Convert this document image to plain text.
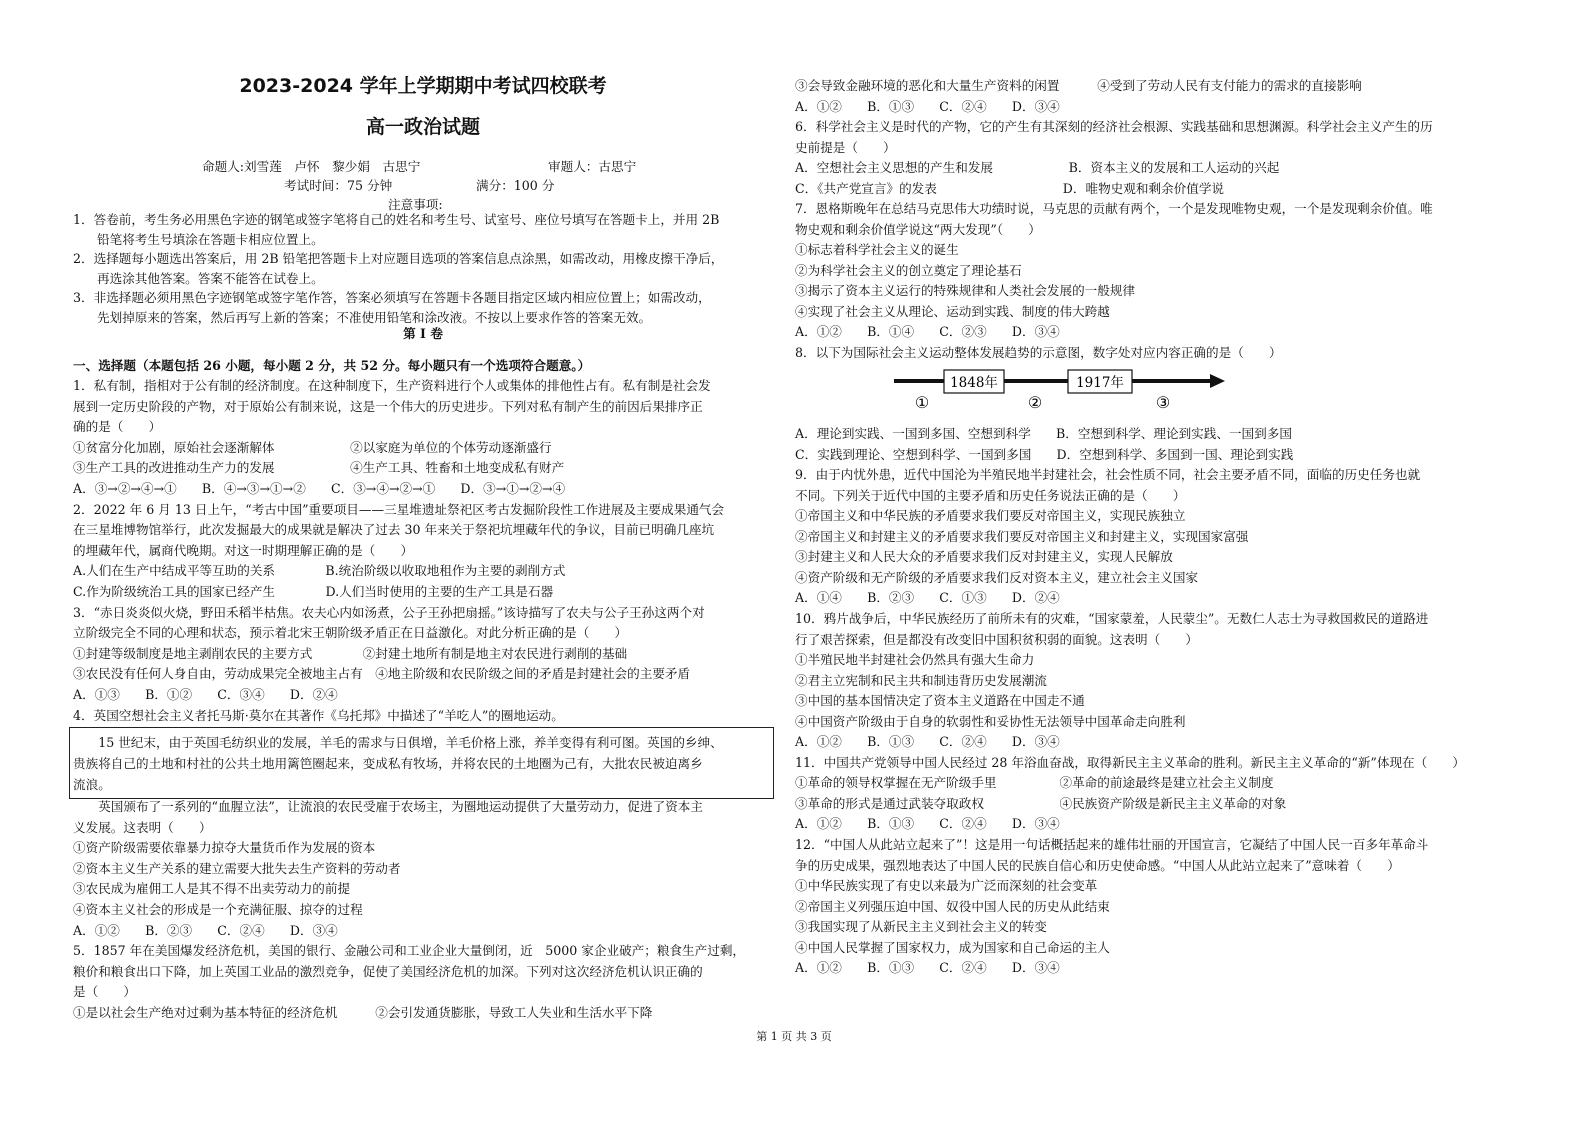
2023-2024 学年上学期期中考试四校联考
高一政治试题
命题人:刘雪莲　卢怀　黎少娟　古思宁	审题人：古思宁
考试时间：75 分钟	满分：100 分
注意事项:
1．答卷前，考生务必用黑色字迹的钢笔或签字笔将自己的姓名和考生号、试室号、座位号填写在答题卡上，并用 2B
铅笔将考生号填涂在答题卡相应位置上。
2．选择题每小题选出答案后，用 2B 铅笔把答题卡上对应题目选项的答案信息点涂黑，如需改动，用橡皮擦干净后，
再选涂其他答案。答案不能答在试卷上。
3．非选择题必须用黑色字迹钢笔或签字笔作答，答案必须填写在答题卡各题目指定区域内相应位置上；如需改动，
先划掉原来的答案，然后再写上新的答案；不准使用铅笔和涂改液。不按以上要求作答的答案无效。
第 I 卷
一、选择题（本题包括 26 小题，每小题 2 分，共 52 分。每小题只有一个选项符合题意。）
1．私有制，指相对于公有制的经济制度。在这种制度下，生产资料进行个人或集体的排他性占有。私有制是社会发
展到一定历史阶段的产物，对于原始公有制来说，这是一个伟大的历史进步。下列对私有制产生的前因后果排序正
确的是（　　）
①贫富分化加剧，原始社会逐渐解体　　　　　　②以家庭为单位的个体劳动逐渐盛行
③生产工具的改进推动生产力的发展　　　　　　④生产工具、牲畜和土地变成私有财产
A．③→②→④→①　　B．④→③→①→②　　C．③→④→②→①　　D．③→①→②→④
2．2022 年 6 月 13 日上午，“考古中国”重要项目——三星堆遗址祭祀区考古发掘阶段性工作进展及主要成果通气会
在三星堆博物馆举行，此次发掘最大的成果就是解决了过去 30 年来关于祭祀坑埋藏年代的争议，目前已明确几座坑
的埋藏年代，属商代晚期。对这一时期理解正确的是（　　）
A.人们在生产中结成平等互助的关系　　　　B.统治阶级以收取地租作为主要的剥削方式
C.作为阶级统治工具的国家已经产生　　　　D.人们当时使用的主要的生产工具是石器
3．“赤日炎炎似火烧，野田禾稻半枯焦。农夫心内如汤煮，公子王孙把扇摇。”该诗描写了农夫与公子王孙这两个对
立阶级完全不同的心理和状态，预示着北宋王朝阶级矛盾正在日益激化。对此分析正确的是（　　）
①封建等级制度是地主剥削农民的主要方式　　　　②封建土地所有制是地主对农民进行剥削的基础
③农民没有任何人身自由，劳动成果完全被地主占有　④地主阶级和农民阶级之间的矛盾是封建社会的主要矛盾
A．①③　　B．①②　　C．③④　　D．②④
4．英国空想社会主义者托马斯·莫尔在其著作《乌托邦》中描述了“羊吃人”的圈地运动。
　　15 世纪末，由于英国毛纺织业的发展，羊毛的需求与日俱增，羊毛价格上涨，养羊变得有利可图。英国的乡绅、
贵族将自己的土地和村社的公共土地用篱笆圈起来，变成私有牧场，并将农民的土地圈为己有，大批农民被迫离乡
流浪。
　　英国颁布了一系列的“血腥立法”，让流浪的农民受雇于农场主，为圈地运动提供了大量劳动力，促进了资本主
义发展。这表明（　　）
①资产阶级需要依靠暴力掠夺大量货币作为发展的资本
②资本主义生产关系的建立需要大批失去生产资料的劳动者
③农民成为雇佣工人是其不得不出卖劳动力的前提
④资本主义社会的形成是一个充满征服、掠夺的过程
A．①②　　B．②③　　C．②④　　D．③④
5．1857 年在美国爆发经济危机，美国的银行、金融公司和工业企业大量倒闭，近　5000 家企业破产；粮食生产过剩，
粮价和粮食出口下降，加上英国工业品的激烈竞争，促使了美国经济危机的加深。下列对这次经济危机认识正确的
是（　　）
①是以社会生产绝对过剩为基本特征的经济危机　　　②会引发通货膨胀，导致工人失业和生活水平下降
③会导致金融环境的恶化和大量生产资料的闲置　　　④受到了劳动人民有支付能力的需求的直接影响
A．①②　　B．①③　　C．②④　　D．③④
6．科学社会主义是时代的产物，它的产生有其深刻的经济社会根源、实践基础和思想渊源。科学社会主义产生的历
史前提是（　　）
A．空想社会主义思想的产生和发展　　　　　　B．资本主义的发展和工人运动的兴起
C．《共产党宣言》的发表　　　　　　　　　　D．唯物史观和剩余价值学说
7．恩格斯晚年在总结马克思伟大功绩时说，马克思的贡献有两个，一个是发现唯物史观，一个是发现剩余价值。唯
物史观和剩余价值学说这“两大发现”（　　）
①标志着科学社会主义的诞生
②为科学社会主义的创立奠定了理论基石
③揭示了资本主义运行的特殊规律和人类社会发展的一般规律
④实现了社会主义从理论、运动到实践、制度的伟大跨越
A．①②　　B．①④　　C．②③　　D．③④
8．以下为国际社会主义运动整体发展趋势的示意图，数字处对应内容正确的是（　　）
1848年	1917年
①	②	③
A．理论到实践、一国到多国、空想到科学　　B．空想到科学、理论到实践、一国到多国
C．实践到理论、空想到科学、一国到多国　　D．空想到科学、多国到一国、理论到实践
9．由于内忧外患，近代中国沦为半殖民地半封建社会，社会性质不同，社会主要矛盾不同，面临的历史任务也就
不同。下列关于近代中国的主要矛盾和历史任务说法正确的是（　　）
①帝国主义和中华民族的矛盾要求我们要反对帝国主义，实现民族独立
②帝国主义和封建主义的矛盾要求我们要反对帝国主义和封建主义，实现国家富强
③封建主义和人民大众的矛盾要求我们反对封建主义，实现人民解放
④资产阶级和无产阶级的矛盾要求我们反对资本主义，建立社会主义国家
A．①④　　B．②③　　C．①③　　D．②④
10．鸦片战争后，中华民族经历了前所未有的灾难，“国家蒙羞，人民蒙尘”。无数仁人志士为寻救国救民的道路进
行了艰苦探索，但是都没有改变旧中国积贫积弱的面貌。这表明（　　）
①半殖民地半封建社会仍然具有强大生命力
②君主立宪制和民主共和制违背历史发展潮流
③中国的基本国情决定了资本主义道路在中国走不通
④中国资产阶级由于自身的软弱性和妥协性无法领导中国革命走向胜利
A．①②　　B．①③　　C．②④　　D．③④
11．中国共产党领导中国人民经过 28 年浴血奋战，取得新民主主义革命的胜利。新民主主义革命的“新”体现在（　　）
①革命的领导权掌握在无产阶级手里　　　　　②革命的前途最终是建立社会主义制度
③革命的形式是通过武装夺取政权　　　　　　④民族资产阶级是新民主主义革命的对象
A．①②　　B．①③　　C．②④　　D．③④
12．“中国人从此站立起来了”！这是用一句话概括起来的雄伟壮丽的开国宣言，它凝结了中国人民一百多年革命斗
争的历史成果，强烈地表达了中国人民的民族自信心和历史使命感。“中国人从此站立起来了”意味着（　　）
①中华民族实现了有史以来最为广泛而深刻的社会变革
②帝国主义列强压迫中国、奴役中国人民的历史从此结束
③我国实现了从新民主主义到社会主义的转变
④中国人民掌握了国家权力，成为国家和自己命运的主人
A．①②　　B．①③　　C．②④　　D．③④
第 1 页 共 3 页
